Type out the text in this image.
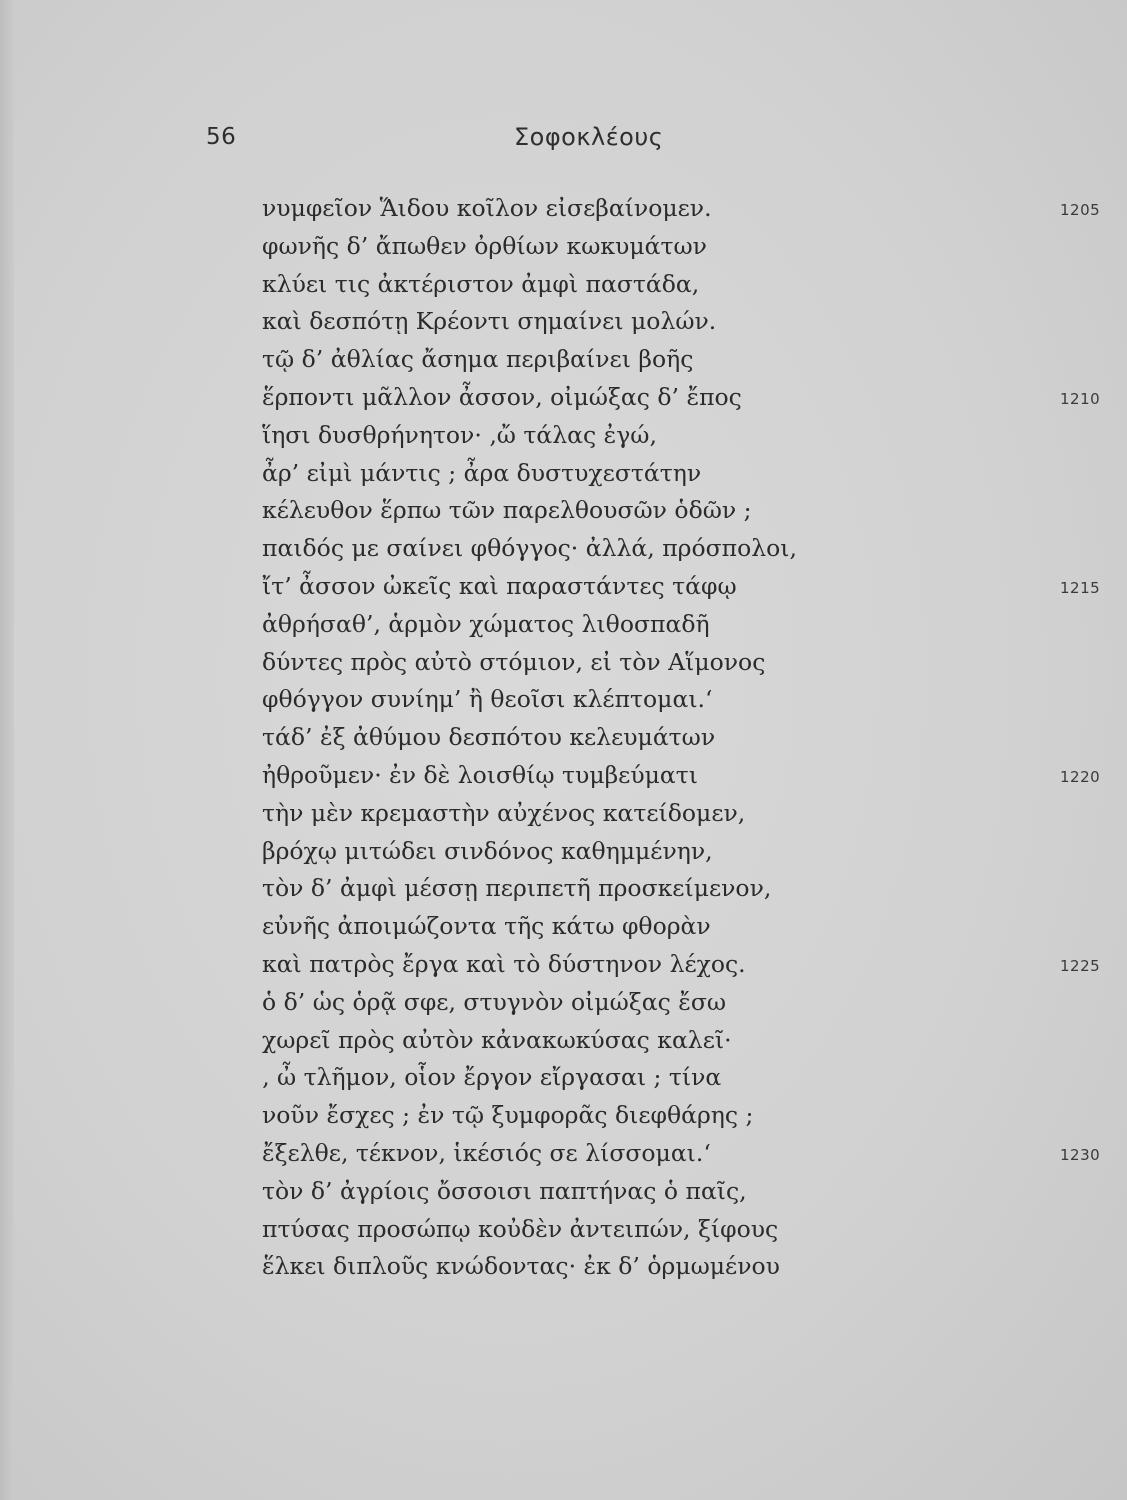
56	Σοφοκλέους
νυμφεῖον Ἅιδου κοῖλον εἰσεβαίνομεν.	1205
φωνῆς δ’ ἄπωθεν ὀρθίων κωκυμάτων
κλύει τις ἀκτέριστον ἀμφὶ παστάδα,
καὶ δεσπότῃ Κρέοντι σημαίνει μολών.
τῷ δ’ ἀθλίας ἄσημα περιβαίνει βοῆς
ἕρποντι μᾶλλον ἆσσον, οἰμώξας δ’ ἔπος	1210
ἵησι δυσθρήνητον· ‚ὤ τάλας ἐγώ,
ἆρ’ εἰμὶ μάντις ; ἆρα δυστυχεστάτην
κέλευθον ἕρπω τῶν παρελθουσῶν ὁδῶν ;
παιδός με σαίνει φθόγγος· ἀλλά, πρόσπολοι,
ἴτ’ ἆσσον ὠκεῖς καὶ παραστάντες τάφῳ	1215
ἀθρήσαθ’, ἁρμὸν χώματος λιθοσπαδῆ
δύντες πρὸς αὐτὸ στόμιον, εἰ τὸν Αἵμονος
φθόγγον συνίημ’ ἢ θεοῖσι κλέπτομαι.‘
τάδ’ ἐξ ἀθύμου δεσπότου κελευμάτων
ἠθροῦμεν· ἐν δὲ λοισθίῳ τυμβεύματι	1220
τὴν μὲν κρεμαστὴν αὐχένος κατείδομεν,
βρόχῳ μιτώδει σινδόνος καθημμένην,
τὸν δ’ ἀμφὶ μέσσῃ περιπετῆ προσκείμενον,
εὐνῆς ἀποιμώζοντα τῆς κάτω φθορὰν
καὶ πατρὸς ἔργα καὶ τὸ δύστηνον λέχος.	1225
ὁ δ’ ὡς ὁρᾷ σφε, στυγνὸν οἰμώξας ἔσω
χωρεῖ πρὸς αὐτὸν κἀνακωκύσας καλεῖ·
‚ ὦ τλῆμον, οἷον ἔργον εἴργασαι ; τίνα
νοῦν ἔσχες ; ἐν τῷ ξυμφορᾶς διεφθάρης ;
ἔξελθε, τέκνον, ἱκέσιός σε λίσσομαι.‘	1230
τὸν δ’ ἀγρίοις ὄσσοισι παπτήνας ὁ παῖς,
πτύσας προσώπῳ κοὐδὲν ἀντειπών, ξίφους
ἕλκει διπλοῦς κνώδοντας· ἐκ δ’ ὁρμωμένου
